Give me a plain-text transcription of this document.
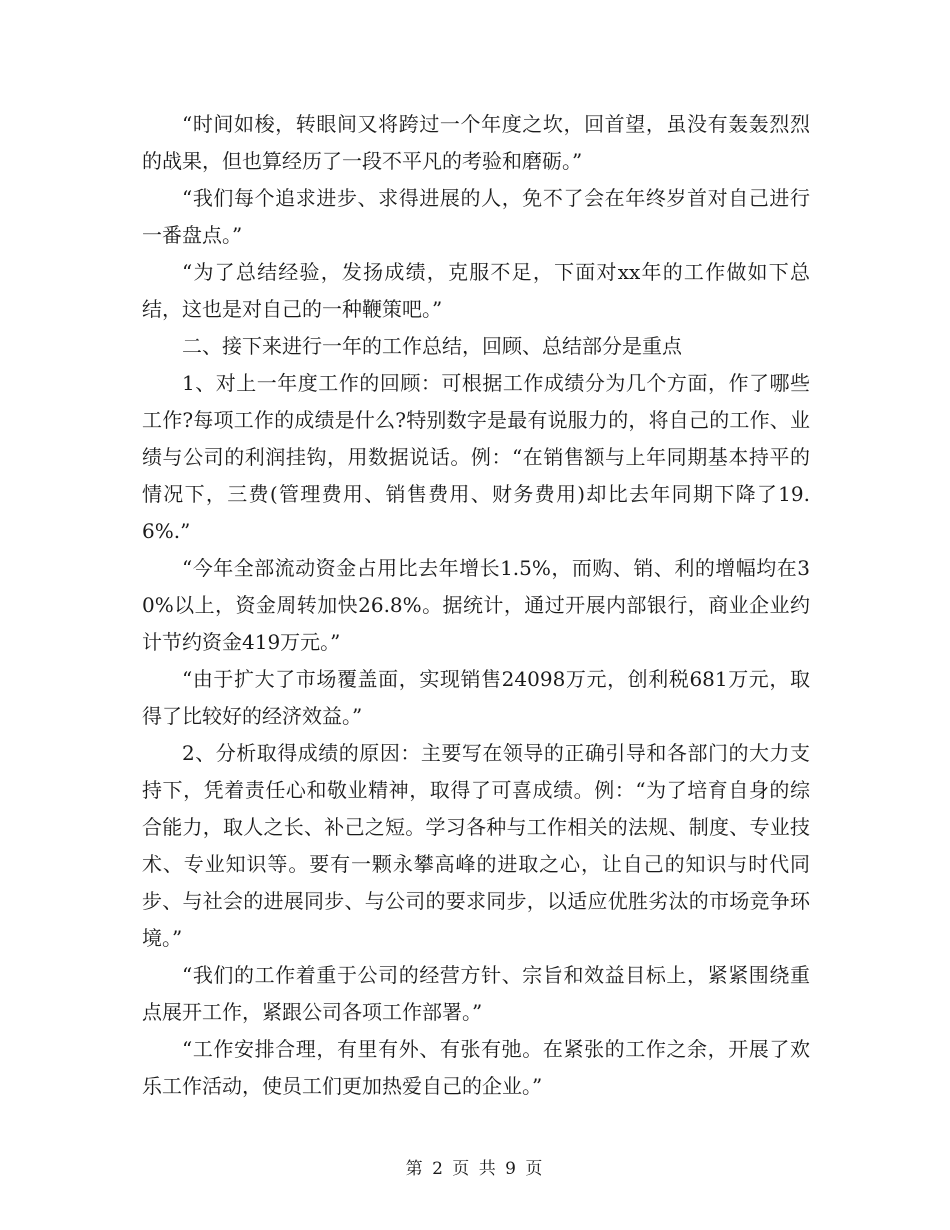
“时间如梭，转眼间又将跨过一个年度之坎，回首望，虽没有轰轰烈烈的战果，但也算经历了一段不平凡的考验和磨砺。”

“我们每个追求进步、求得进展的人，免不了会在年终岁首对自己进行一番盘点。”

“为了总结经验，发扬成绩，克服不足，下面对xx年的工作做如下总结，这也是对自己的一种鞭策吧。”

二、接下来进行一年的工作总结，回顾、总结部分是重点

1、对上一年度工作的回顾：可根据工作成绩分为几个方面，作了哪些工作?每项工作的成绩是什么?特别数字是最有说服力的，将自己的工作、业绩与公司的利润挂钩，用数据说话。例：“在销售额与上年同期基本持平的情况下，三费(管理费用、销售费用、财务费用)却比去年同期下降了19.6%.”

“今年全部流动资金占用比去年增长1.5%，而购、销、利的增幅均在30%以上，资金周转加快26.8%。据统计，通过开展内部银行，商业企业约计节约资金419万元。”

“由于扩大了市场覆盖面，实现销售24098万元，创利税681万元，取得了比较好的经济效益。”

2、分析取得成绩的原因：主要写在领导的正确引导和各部门的大力支持下，凭着责任心和敬业精神，取得了可喜成绩。例：“为了培育自身的综合能力，取人之长、补己之短。学习各种与工作相关的法规、制度、专业技术、专业知识等。要有一颗永攀高峰的进取之心，让自己的知识与时代同步、与社会的进展同步、与公司的要求同步，以适应优胜劣汰的市场竞争环境。”

“我们的工作着重于公司的经营方针、宗旨和效益目标上，紧紧围绕重点展开工作，紧跟公司各项工作部署。”

“工作安排合理，有里有外、有张有弛。在紧张的工作之余，开展了欢乐工作活动，使员工们更加热爱自己的企业。”

第 2 页 共 9 页
